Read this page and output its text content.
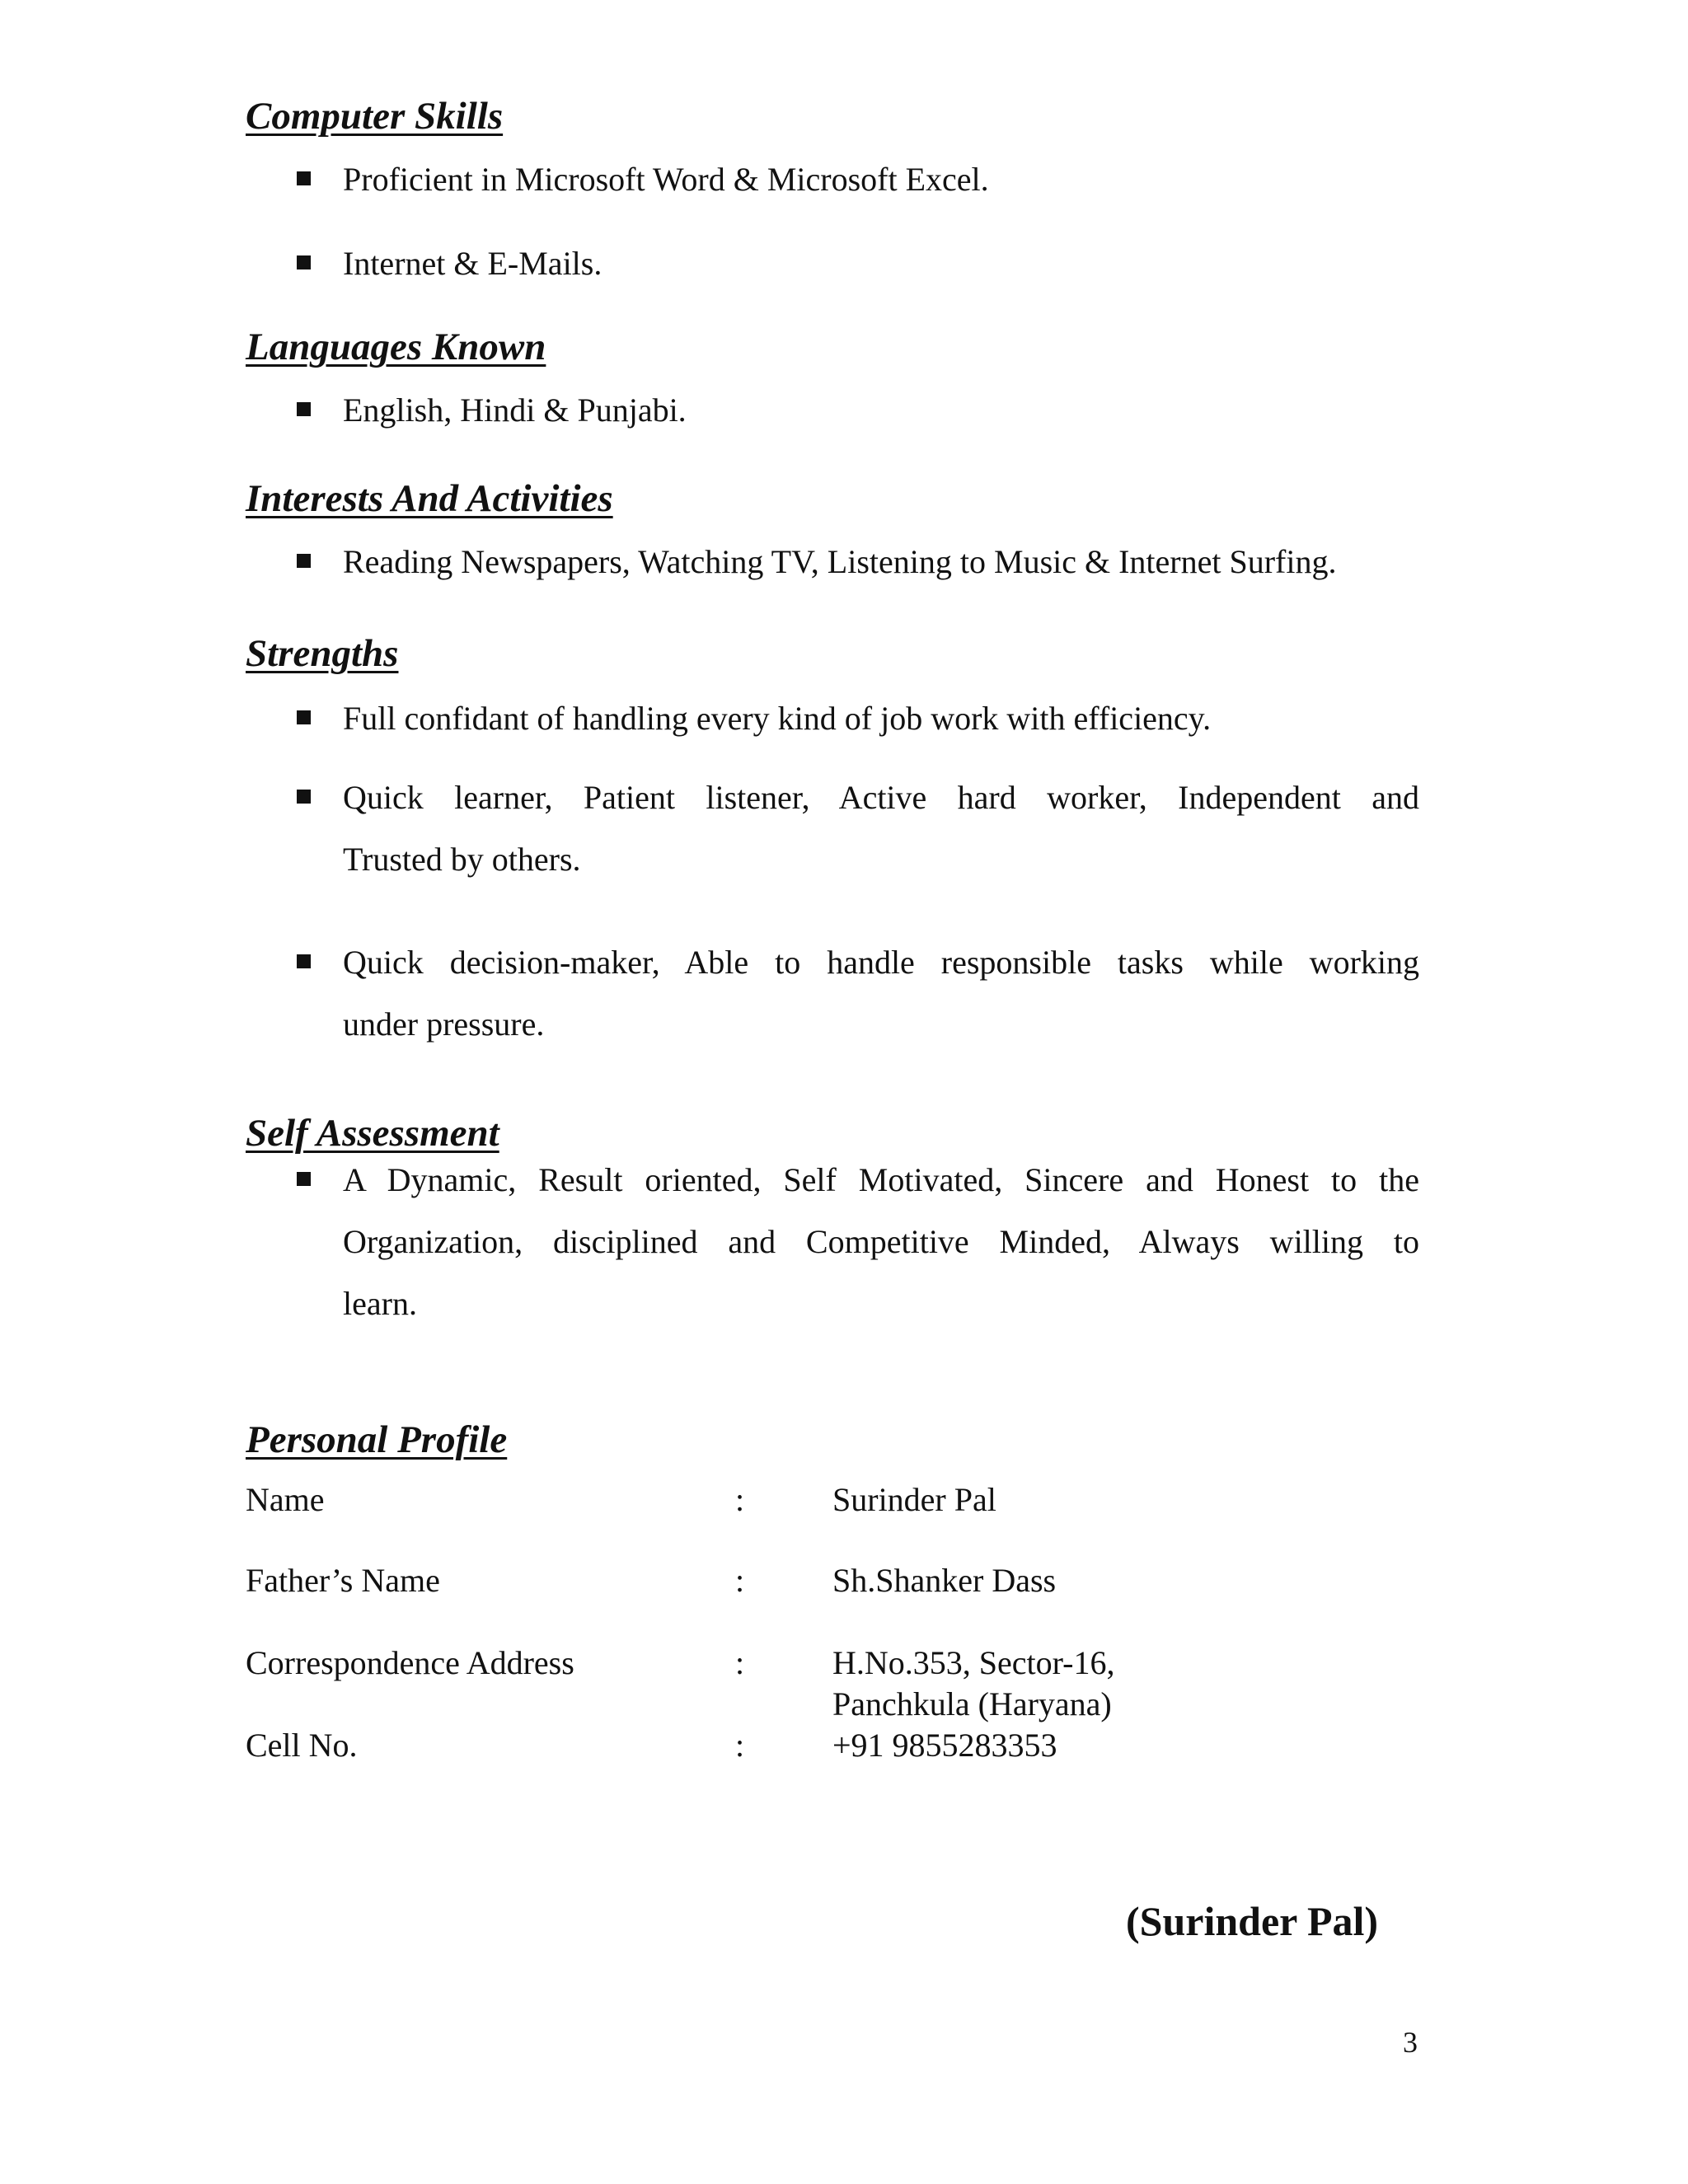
Computer Skills

Proficient in Microsoft Word & Microsoft Excel.

Internet & E-Mails.

Languages Known

English, Hindi & Punjabi.

Interests And Activities

Reading Newspapers, Watching TV, Listening to Music & Internet Surfing.

Strengths

Full confidant of handling every kind of job work with efficiency.

Quick learner, Patient listener, Active hard worker, Independent and
Trusted by others.

Quick decision-maker, Able to handle responsible tasks while working
under pressure.

Self Assessment

A Dynamic, Result oriented, Self Motivated, Sincere and Honest to the
Organization, disciplined and Competitive Minded, Always willing to
learn.

Personal Profile

Name	:	Surinder Pal

Father’s Name	:	Sh.Shanker Dass

Correspondence Address	:	H.No.353, Sector-16,

Panchkula (Haryana)

Cell No.	:	+91 9855283353

(Surinder Pal)

3
